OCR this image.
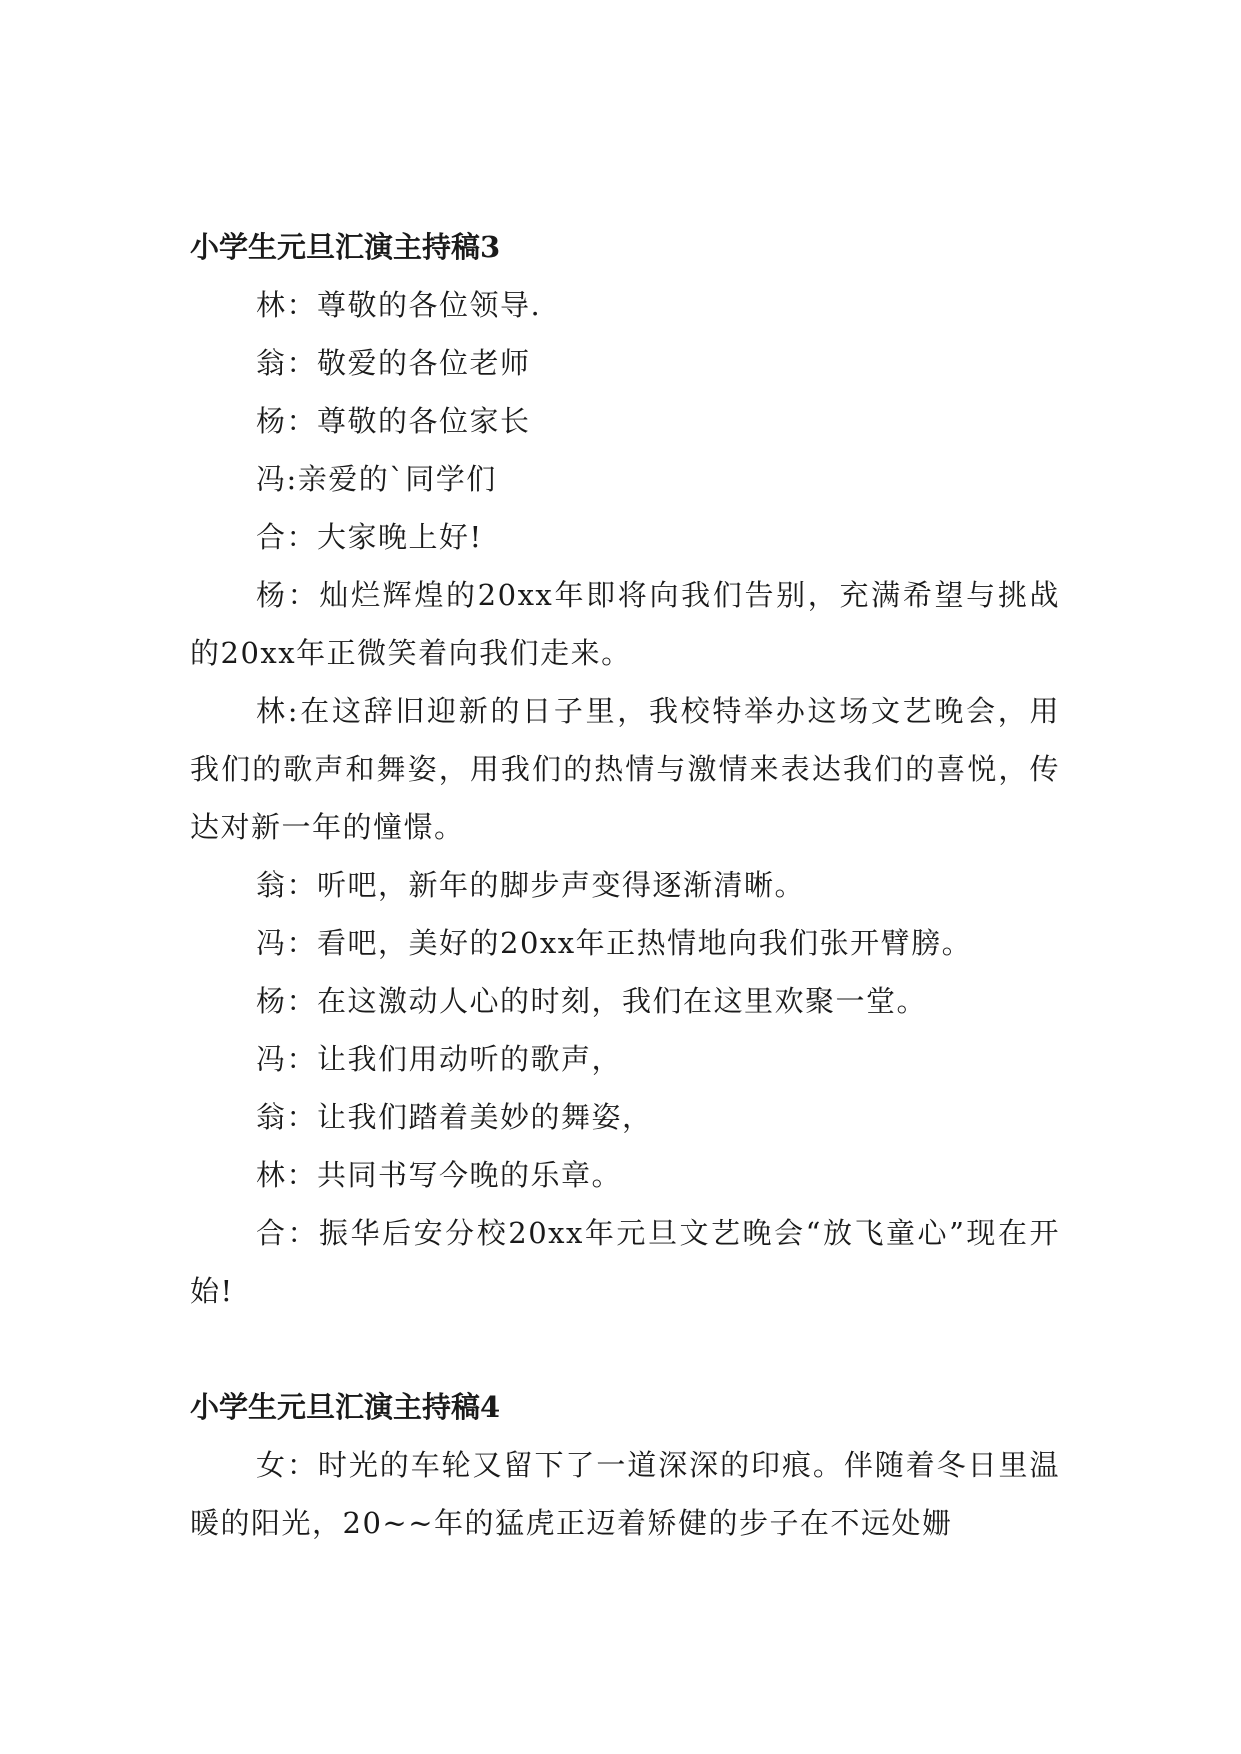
小学生元旦汇演主持稿3

林：尊敬的各位领导.

翁：敬爱的各位老师

杨：尊敬的各位家长

冯:亲爱的`同学们

合：大家晚上好!

杨：灿烂辉煌的20xx年即将向我们告别，充满希望与挑战的20xx年正微笑着向我们走来。

林:在这辞旧迎新的日子里，我校特举办这场文艺晚会，用我们的歌声和舞姿，用我们的热情与激情来表达我们的喜悦，传达对新一年的憧憬。

翁：听吧，新年的脚步声变得逐渐清晰。

冯：看吧，美好的20xx年正热情地向我们张开臂膀。

杨：在这激动人心的时刻，我们在这里欢聚一堂。

冯：让我们用动听的歌声，

翁：让我们踏着美妙的舞姿，

林：共同书写今晚的乐章。

合：振华后安分校20xx年元旦文艺晚会“放飞童心”现在开始!

小学生元旦汇演主持稿4

女：时光的车轮又留下了一道深深的印痕。伴随着冬日里温暖的阳光，20~~年的猛虎正迈着矫健的步子在不远处姗
